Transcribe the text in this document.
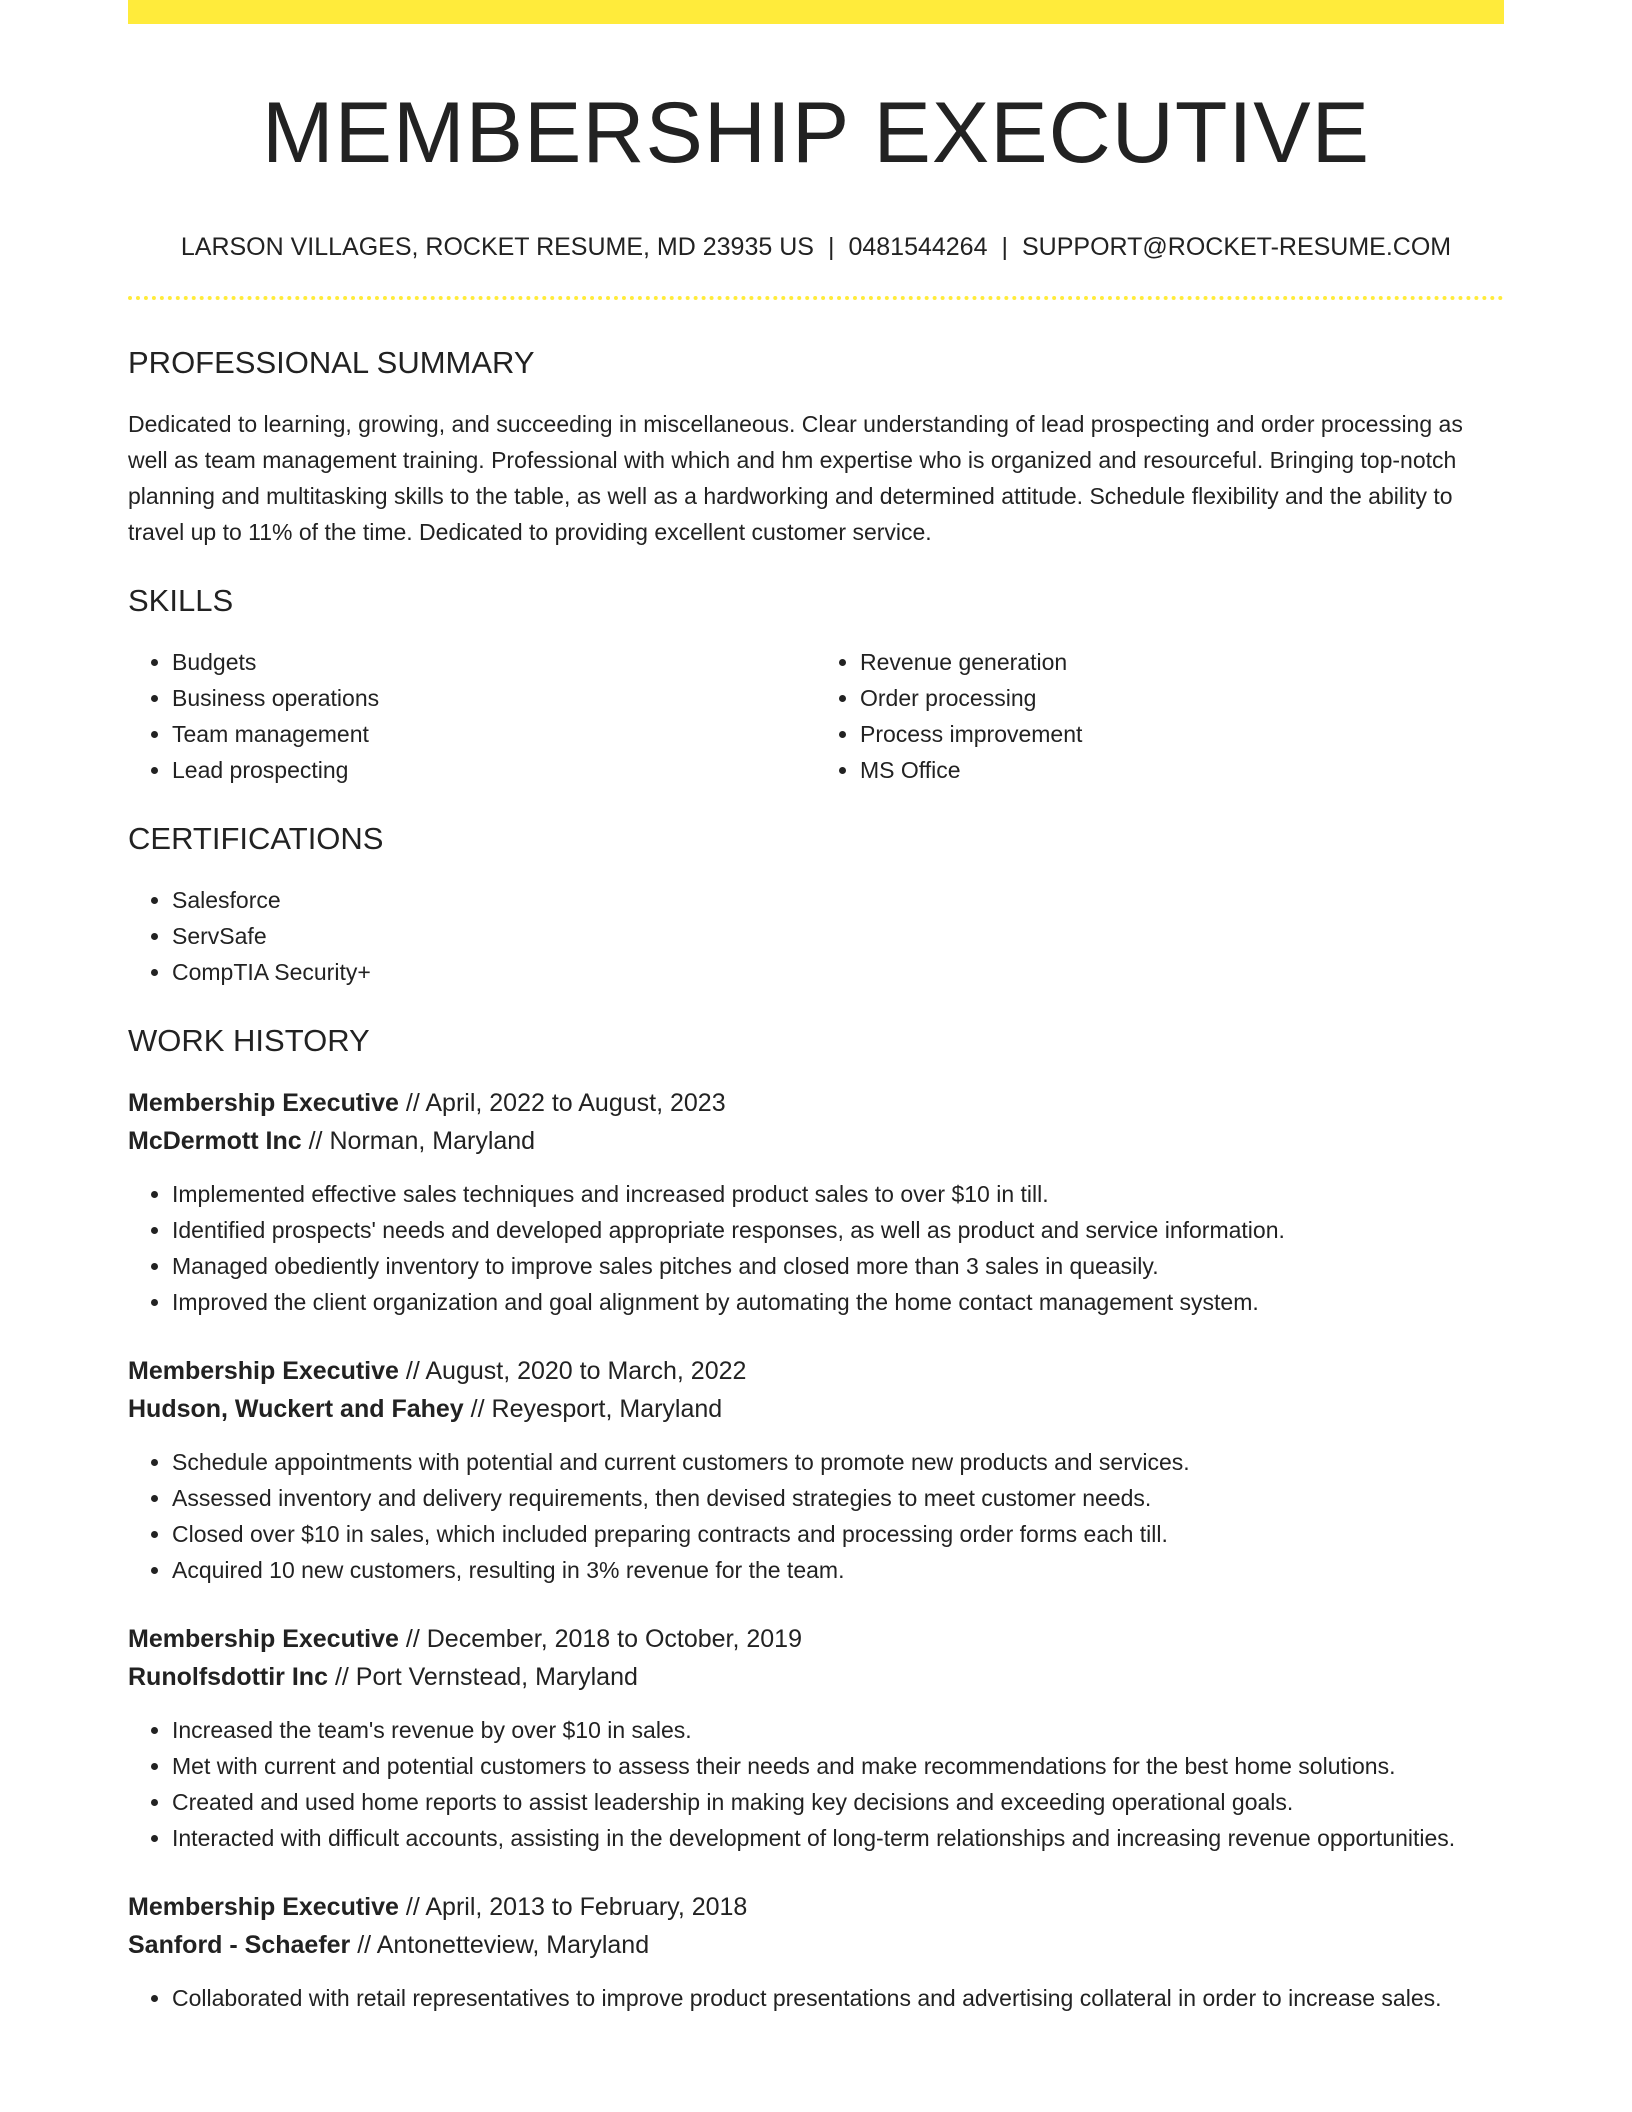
MEMBERSHIP EXECUTIVE
LARSON VILLAGES, ROCKET RESUME, MD 23935 US | 0481544264 | SUPPORT@ROCKET-RESUME.COM
PROFESSIONAL SUMMARY

Dedicated to learning, growing, and succeeding in miscellaneous. Clear understanding of lead prospecting and order processing as well as team management training. Professional with which and hm expertise who is organized and resourceful. Bringing top-notch planning and multitasking skills to the table, as well as a hardworking and determined attitude. Schedule flexibility and the ability to travel up to 11% of the time. Dedicated to providing excellent customer service.

SKILLS
• Budgets
• Business operations
• Team management
• Lead prospecting
• Revenue generation
• Order processing
• Process improvement
• MS Office
CERTIFICATIONS
• Salesforce
• ServSafe
• CompTIA Security+
WORK HISTORY
Membership Executive // April, 2022 to August, 2023
McDermott Inc // Norman, Maryland
• Implemented effective sales techniques and increased product sales to over $10 in till.
• Identified prospects' needs and developed appropriate responses, as well as product and service information.
• Managed obediently inventory to improve sales pitches and closed more than 3 sales in queasily.
• Improved the client organization and goal alignment by automating the home contact management system.
Membership Executive // August, 2020 to March, 2022
Hudson, Wuckert and Fahey // Reyesport, Maryland
• Schedule appointments with potential and current customers to promote new products and services.
• Assessed inventory and delivery requirements, then devised strategies to meet customer needs.
• Closed over $10 in sales, which included preparing contracts and processing order forms each till.
• Acquired 10 new customers, resulting in 3% revenue for the team.
Membership Executive // December, 2018 to October, 2019
Runolfsdottir Inc // Port Vernstead, Maryland
• Increased the team's revenue by over $10 in sales.
• Met with current and potential customers to assess their needs and make recommendations for the best home solutions.
• Created and used home reports to assist leadership in making key decisions and exceeding operational goals.
• Interacted with difficult accounts, assisting in the development of long-term relationships and increasing revenue opportunities.
Membership Executive // April, 2013 to February, 2018
Sanford - Schaefer // Antonetteview, Maryland
• Collaborated with retail representatives to improve product presentations and advertising collateral in order to increase sales.
